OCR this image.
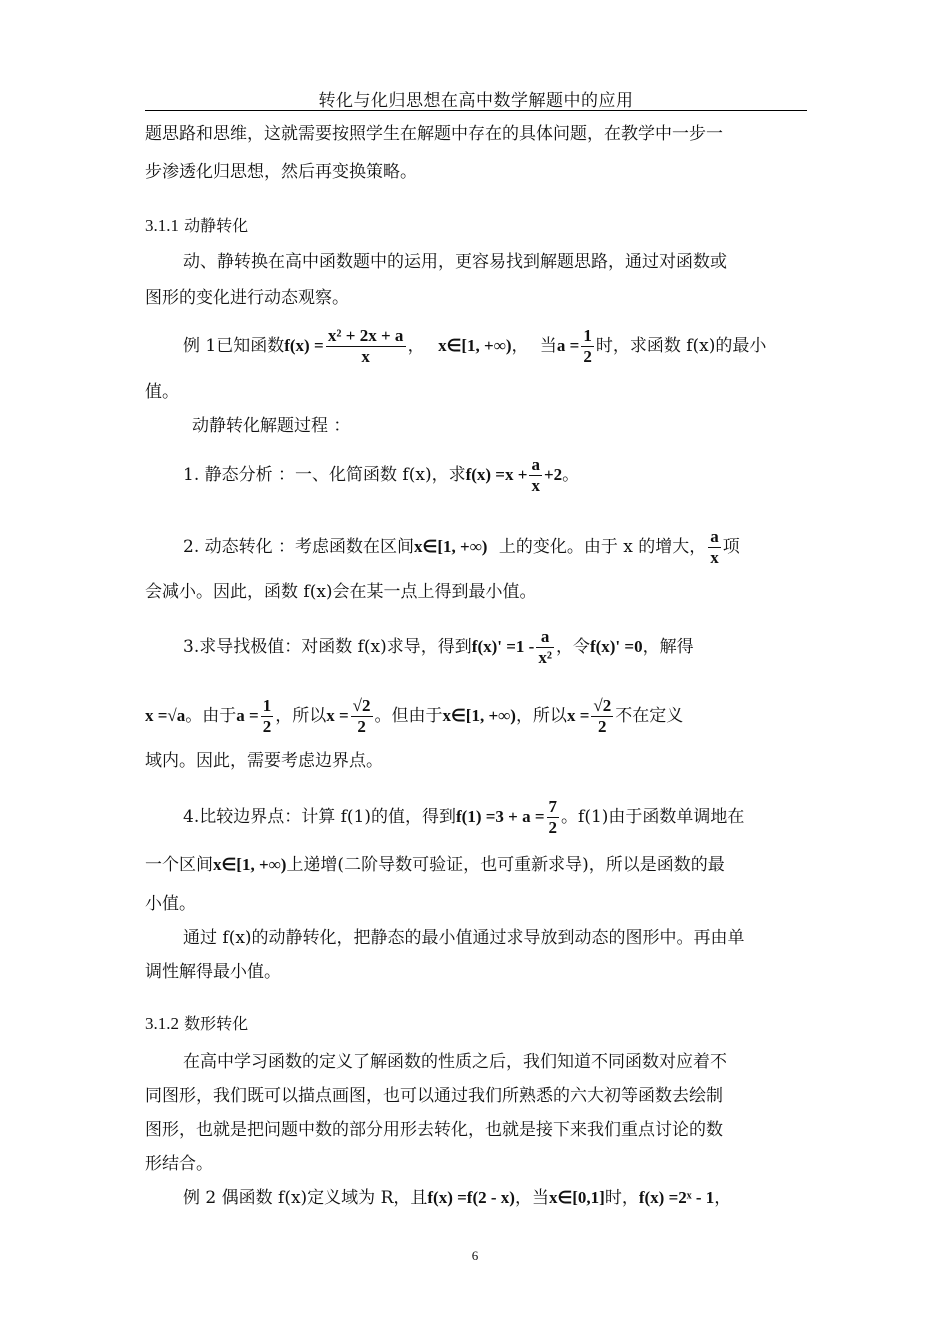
转化与化归思想在高中数学解题中的应用
题思路和思维，这就需要按照学生在解题中存在的具体问题，在教学中一步一
步渗透化归思想，然后再变换策略。
3.1.1 动静转化
动、静转换在高中函数题中的运用，更容易找到解题思路，通过对函数或
图形的变化进行动态观察。
例 1已知函数$f(x) = \frac{\text{x² + 2x + a}}{x}$ ， x∈[1, +∞)， 当$a = \frac{1}{2}$ 时，求函数 f(x)的最小
值。
动静转化解题过程 ：
1. 静态分析 ：一、化简函数 f(x)，求$f(x) =x + \frac{a}{x} +2$。
2. 动态转化 ：考虑函数在区间x∈[1, +∞) 上的变化。由于 x 的增大， $\frac{a}{x}$ 项
会减小。因此，函数 f(x)会在某一点上得到最小值。
3.求导找极值：对函数 f(x)求导，得到$f(x)' =1 - \frac{a}{\text{x²}}$ ，令f(x)' =0，解得
x =√a。由于$a = \frac{1}{2}$ ，所以$x = \frac{√2}{2}$ 。但由于x∈[1, +∞)，所以$x = \frac{√2}{2}$ 不在定义
域内。因此，需要考虑边界点。
4.比较边界点：计算 f(1)的值，得到$f(1) =3 + a = \frac{7}{2}$ 。f(1)由于函数单调地在
一个区间x∈[1, +∞)上递增(二阶导数可验证，也可重新求导)，所以是函数的最
小值。
通过 f(x)的动静转化，把静态的最小值通过求导放到动态的图形中。再由单
调性解得最小值。
3.1.2 数形转化
在高中学习函数的定义了解函数的性质之后，我们知道不同函数对应着不
同图形，我们既可以描点画图，也可以通过我们所熟悉的六大初等函数去绘制
图形，也就是把问题中数的部分用形去转化，也就是接下来我们重点讨论的数
形结合。
例 2 偶函数 f(x)定义域为 R，且f(x) =f(2 - x)，当x∈[0,1]时，f(x) =2ˣ - 1，
6
